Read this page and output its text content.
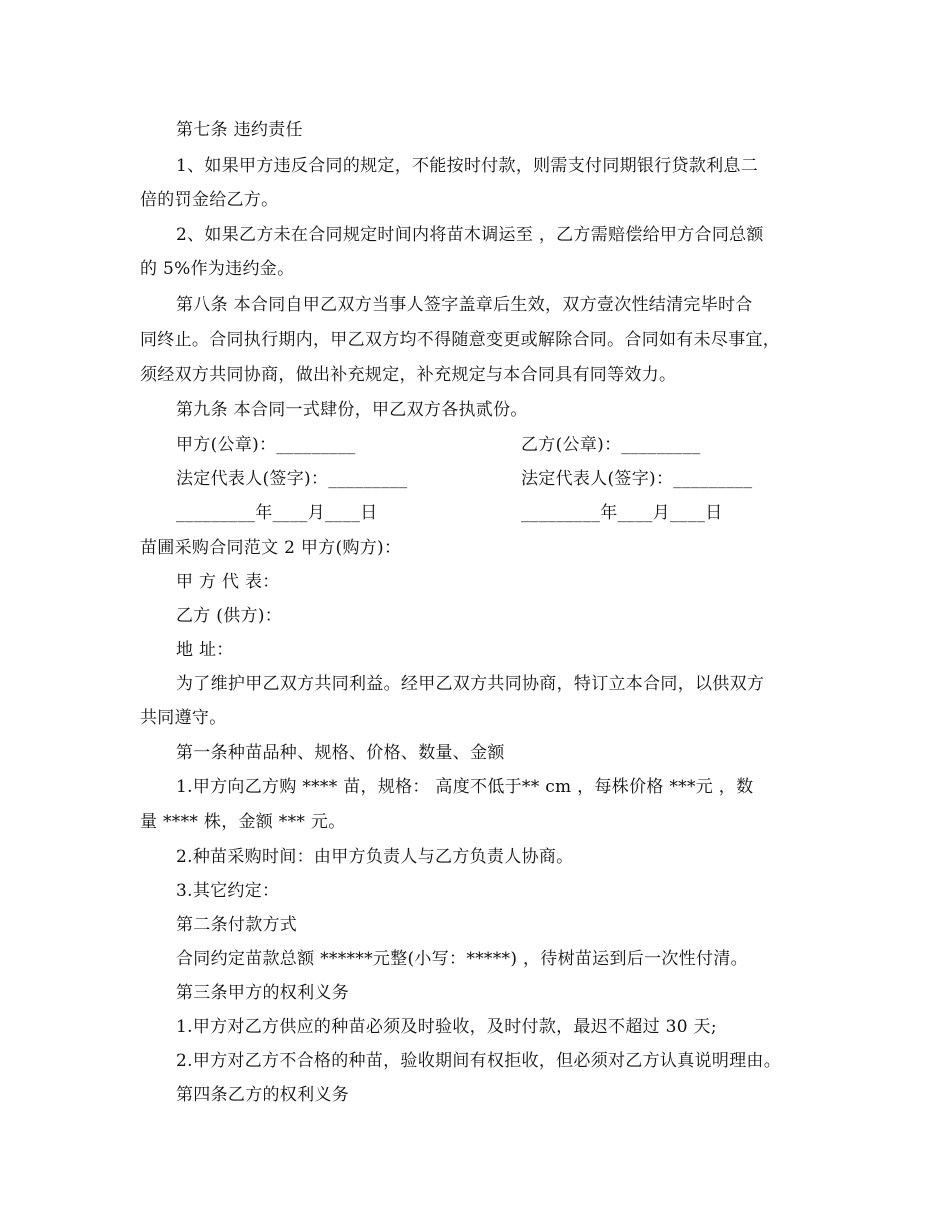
第七条 违约责任
1、如果甲方违反合同的规定，不能按时付款，则需支付同期银行贷款利息二
倍的罚金给乙方。
2、如果乙方未在合同规定时间内将苗木调运至 ，乙方需赔偿给甲方合同总额
的 5%作为违约金。
第八条 本合同自甲乙双方当事人签字盖章后生效，双方壹次性结清完毕时合
同终止。合同执行期内，甲乙双方均不得随意变更或解除合同。合同如有未尽事宜，
须经双方共同协商，做出补充规定，补充规定与本合同具有同等效力。
第九条 本合同一式肆份，甲乙双方各执贰份。
甲方(公章)：_________	乙方(公章)：_________
法定代表人(签字)：_________	法定代表人(签字)：_________
_________年____月____日	_________年____月____日
苗圃采购合同范文 2 甲方(购方)：
甲 方 代 表：
乙方 (供方)：
地 址：
为了维护甲乙双方共同利益。经甲乙双方共同协商，特订立本合同，以供双方
共同遵守。
第一条种苗品种、规格、价格、数量、金额
1.甲方向乙方购 **** 苗，规格： 高度不低于** cm ，每株价格 ***元 ，数
量 **** 株，金额 *** 元。
2.种苗采购时间：由甲方负责人与乙方负责人协商。
3.其它约定：
第二条付款方式
合同约定苗款总额 ******元整(小写：*****) ，待树苗运到后一次性付清。
第三条甲方的权利义务
1.甲方对乙方供应的种苗必须及时验收，及时付款，最迟不超过 30 天;
2.甲方对乙方不合格的种苗，验收期间有权拒收，但必须对乙方认真说明理由。
第四条乙方的权利义务
